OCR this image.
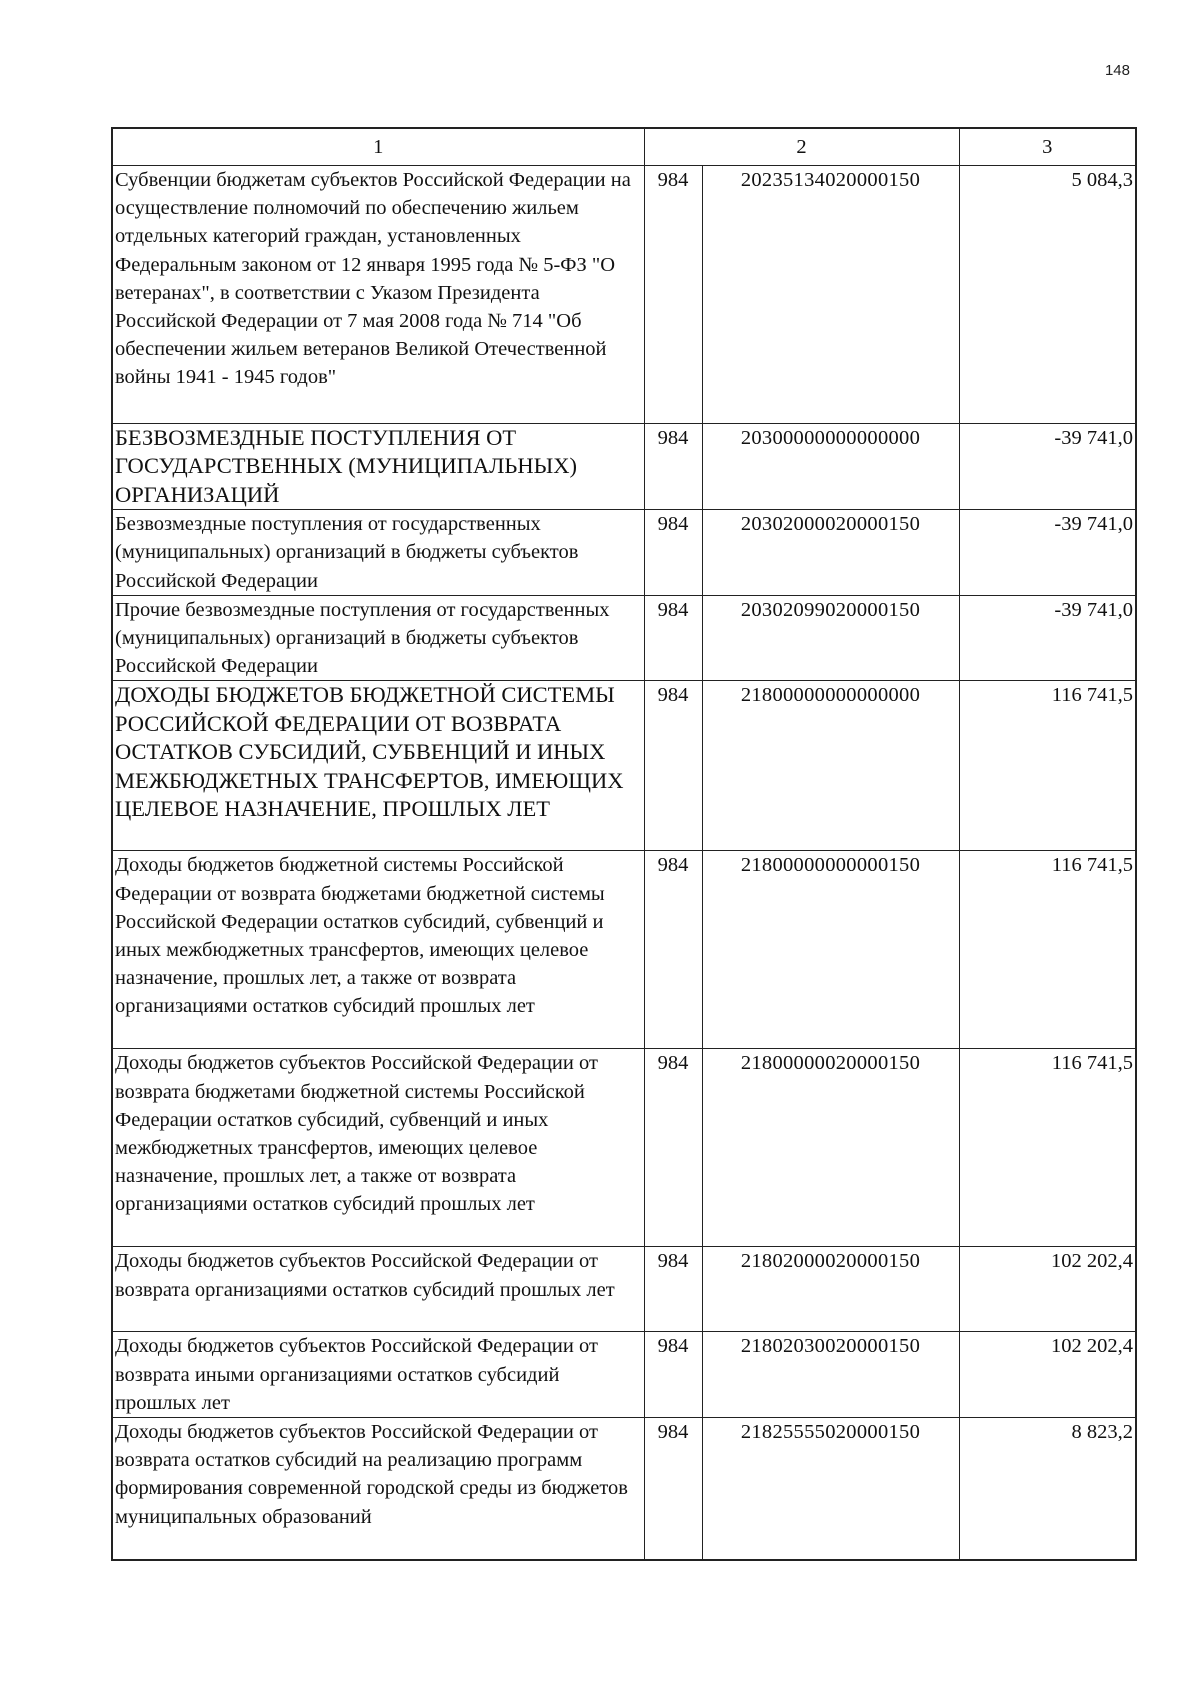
148
1	2		3
Субвенции бюджетам субъектов Российской Федерации на осуществление полномочий по обеспечению жильем отдельных категорий граждан, установленных Федеральным законом от 12 января 1995 года № 5-ФЗ "О ветеранах", в соответствии с Указом Президента Российской Федерации от 7 мая 2008 года № 714 "Об обеспечении жильем ветеранов Великой Отечественной войны 1941 - 1945 годов"	984	20235134020000150	5 084,3
БЕЗВОЗМЕЗДНЫЕ ПОСТУПЛЕНИЯ ОТ ГОСУДАРСТВЕННЫХ (МУНИЦИПАЛЬНЫХ) ОРГАНИЗАЦИЙ	984	20300000000000000	-39 741,0
Безвозмездные поступления от государственных (муниципальных) организаций в бюджеты субъектов Российской Федерации	984	20302000020000150	-39 741,0
Прочие безвозмездные поступления от государственных (муниципальных) организаций в бюджеты субъектов Российской Федерации	984	20302099020000150	-39 741,0
ДОХОДЫ БЮДЖЕТОВ БЮДЖЕТНОЙ СИСТЕМЫ РОССИЙСКОЙ ФЕДЕРАЦИИ ОТ ВОЗВРАТА ОСТАТКОВ СУБСИДИЙ, СУБВЕНЦИЙ И ИНЫХ МЕЖБЮДЖЕТНЫХ ТРАНСФЕРТОВ, ИМЕЮЩИХ ЦЕЛЕВОЕ НАЗНАЧЕНИЕ, ПРОШЛЫХ ЛЕТ	984	21800000000000000	116 741,5
Доходы бюджетов бюджетной системы Российской Федерации от возврата бюджетами бюджетной системы Российской Федерации остатков субсидий, субвенций и иных межбюджетных трансфертов, имеющих целевое назначение, прошлых лет, а также от возврата организациями остатков субсидий прошлых лет	984	21800000000000150	116 741,5
Доходы бюджетов субъектов Российской Федерации от возврата бюджетами бюджетной системы Российской Федерации остатков субсидий, субвенций и иных межбюджетных трансфертов, имеющих целевое назначение, прошлых лет, а также от возврата организациями остатков субсидий прошлых лет	984	21800000020000150	116 741,5
Доходы бюджетов субъектов Российской Федерации от возврата организациями остатков субсидий прошлых лет	984	21802000020000150	102 202,4
Доходы бюджетов субъектов Российской Федерации от возврата иными организациями остатков субсидий прошлых лет	984	21802030020000150	102 202,4
Доходы бюджетов субъектов Российской Федерации от возврата остатков субсидий на реализацию программ формирования современной городской среды из бюджетов муниципальных образований	984	21825555020000150	8 823,2
